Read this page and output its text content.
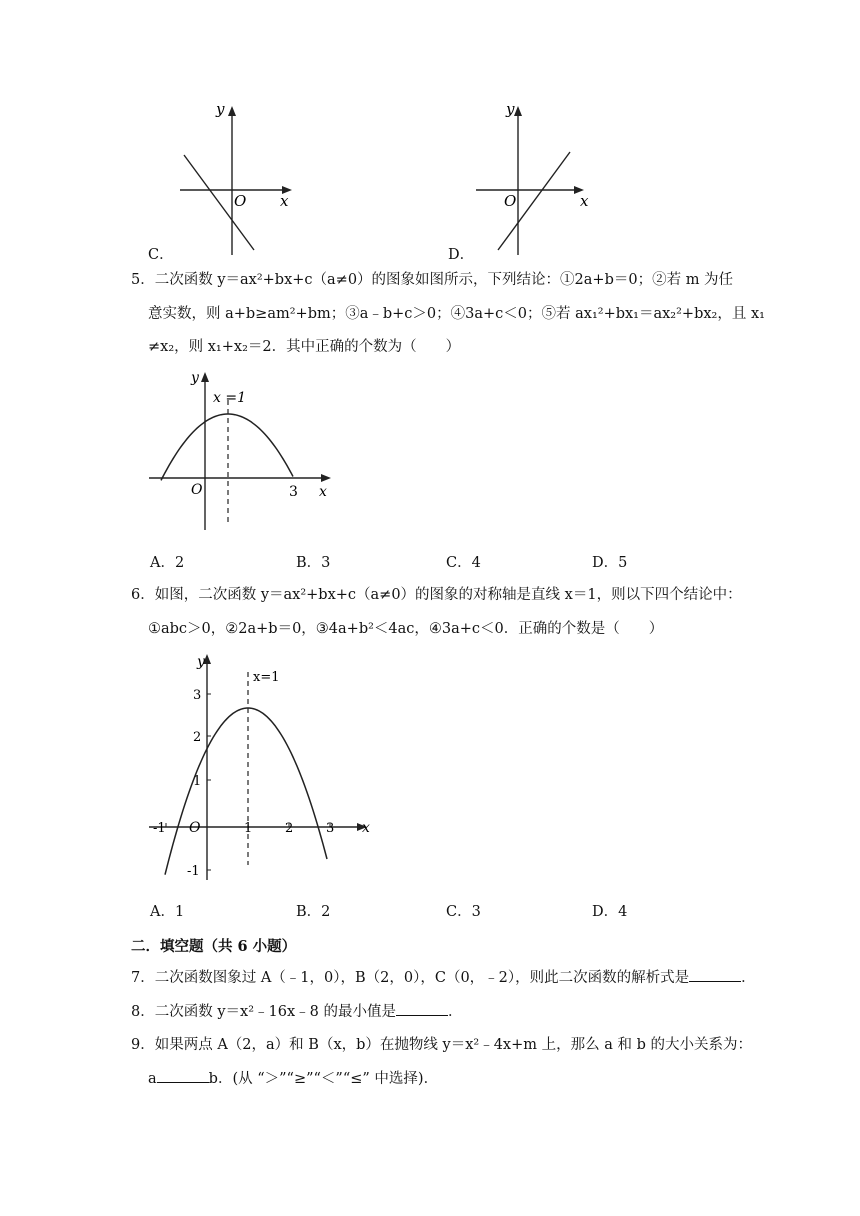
y
x
O
C．
y
x
O
D．
5．二次函数 y＝ax²+bx+c（a≠0）的图象如图所示，下列结论：①2a+b＝0；②若 m 为任
意实数，则 a+b≥am²+bm；③a﹣b+c＞0；④3a+c＜0；⑤若 ax₁²+bx₁＝ax₂²+bx₂，且 x₁
≠x₂，则 x₁+x₂＝2．其中正确的个数为（　　）
y
x
O
x =1
3
A．2	B．3	C．4	D．5
6．如图，二次函数 y＝ax²+bx+c（a≠0）的图象的对称轴是直线 x＝1，则以下四个结论中：
①abc＞0，②2a+b＝0，③4a+b²＜4ac，④3a+c＜0．正确的个数是（　　）
y
x
O
x=1
-1	1	2	3
3
2
1
-1
A．1	B．2	C．3	D．4
二．填空题（共 6 小题）
7．二次函数图象过 A（﹣1，0），B（2，0），C（0，﹣2），则此二次函数的解析式是	．
8．二次函数 y＝x²﹣16x﹣8 的最小值是	．
9．如果两点 A（2，a）和 B（x，b）在抛物线 y＝x²﹣4x+m 上，那么 a 和 b 的大小关系为：
a	b．(从 “＞”“≥”“＜”“≤” 中选择)．
